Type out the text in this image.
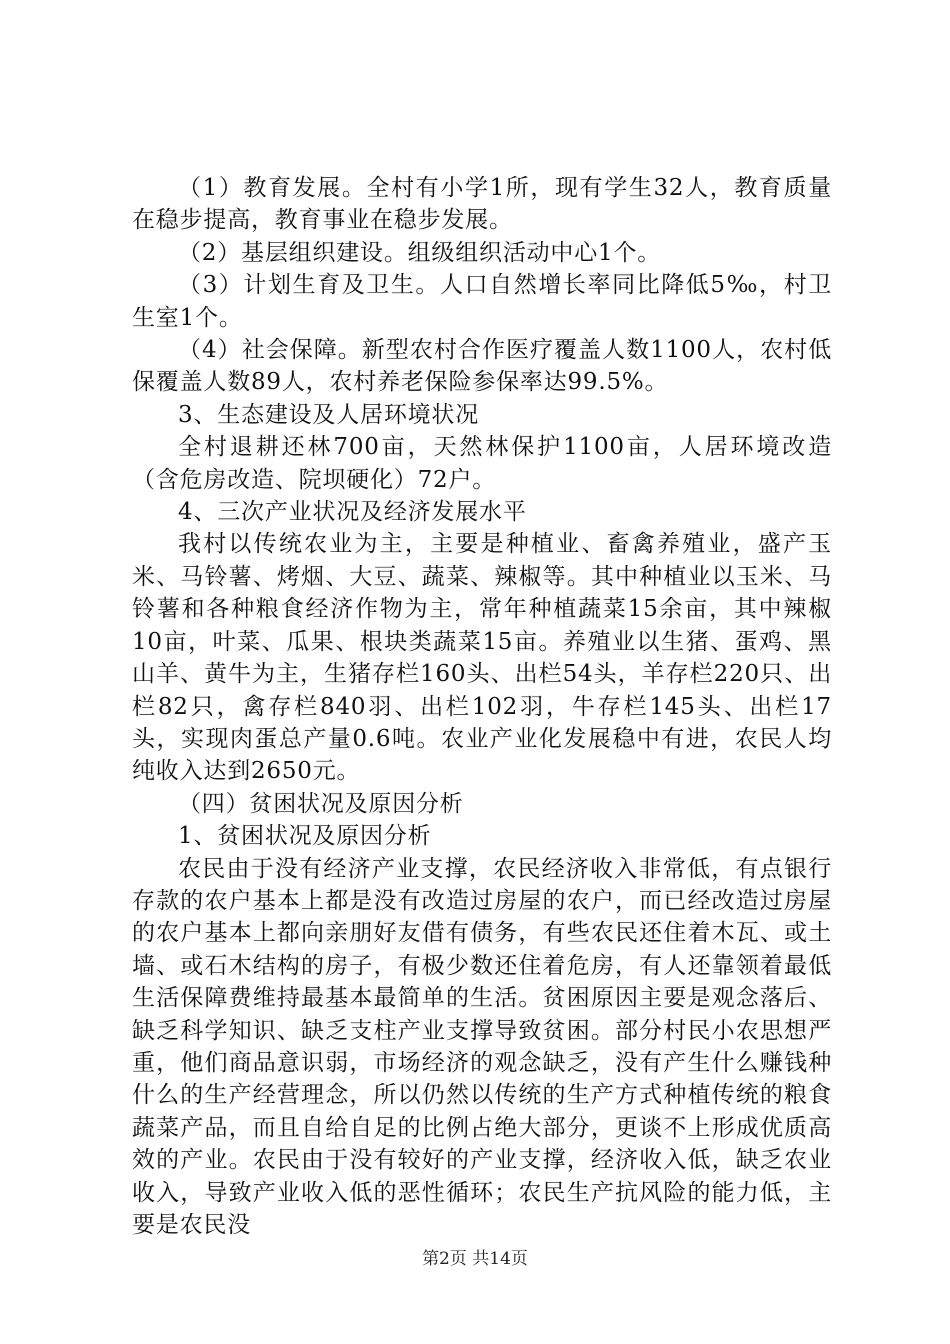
（1）教育发展。全村有小学1所，现有学生32人，教育质量在稳步提高，教育事业在稳步发展。

（2）基层组织建设。组级组织活动中心1个。

（3）计划生育及卫生。人口自然增长率同比降低5‰，村卫生室1个。

（4）社会保障。新型农村合作医疗覆盖人数1100人，农村低保覆盖人数89人，农村养老保险参保率达99.5%。

3、生态建设及人居环境状况

全村退耕还林700亩，天然林保护1100亩，人居环境改造（含危房改造、院坝硬化）72户。

4、三次产业状况及经济发展水平

我村以传统农业为主，主要是种植业、畜禽养殖业，盛产玉米、马铃薯、烤烟、大豆、蔬菜、辣椒等。其中种植业以玉米、马铃薯和各种粮食经济作物为主，常年种植蔬菜15余亩，其中辣椒10亩，叶菜、瓜果、根块类蔬菜15亩。养殖业以生猪、蛋鸡、黑山羊、黄牛为主，生猪存栏160头、出栏54头，羊存栏220只、出栏82只，禽存栏840羽、出栏102羽，牛存栏145头、出栏17头，实现肉蛋总产量0.6吨。农业产业化发展稳中有进，农民人均纯收入达到2650元。

（四）贫困状况及原因分析

1、贫困状况及原因分析

农民由于没有经济产业支撑，农民经济收入非常低，有点银行存款的农户基本上都是没有改造过房屋的农户，而已经改造过房屋的农户基本上都向亲朋好友借有债务，有些农民还住着木瓦、或土墙、或石木结构的房子，有极少数还住着危房，有人还靠领着最低生活保障费维持最基本最简单的生活。贫困原因主要是观念落后、缺乏科学知识、缺乏支柱产业支撑导致贫困。部分村民小农思想严重，他们商品意识弱，市场经济的观念缺乏，没有产生什么赚钱种什么的生产经营理念，所以仍然以传统的生产方式种植传统的粮食蔬菜产品，而且自给自足的比例占绝大部分，更谈不上形成优质高效的产业。农民由于没有较好的产业支撑，经济收入低，缺乏农业收入，导致产业收入低的恶性循环；农民生产抗风险的能力低，主要是农民没

第2页 共14页
